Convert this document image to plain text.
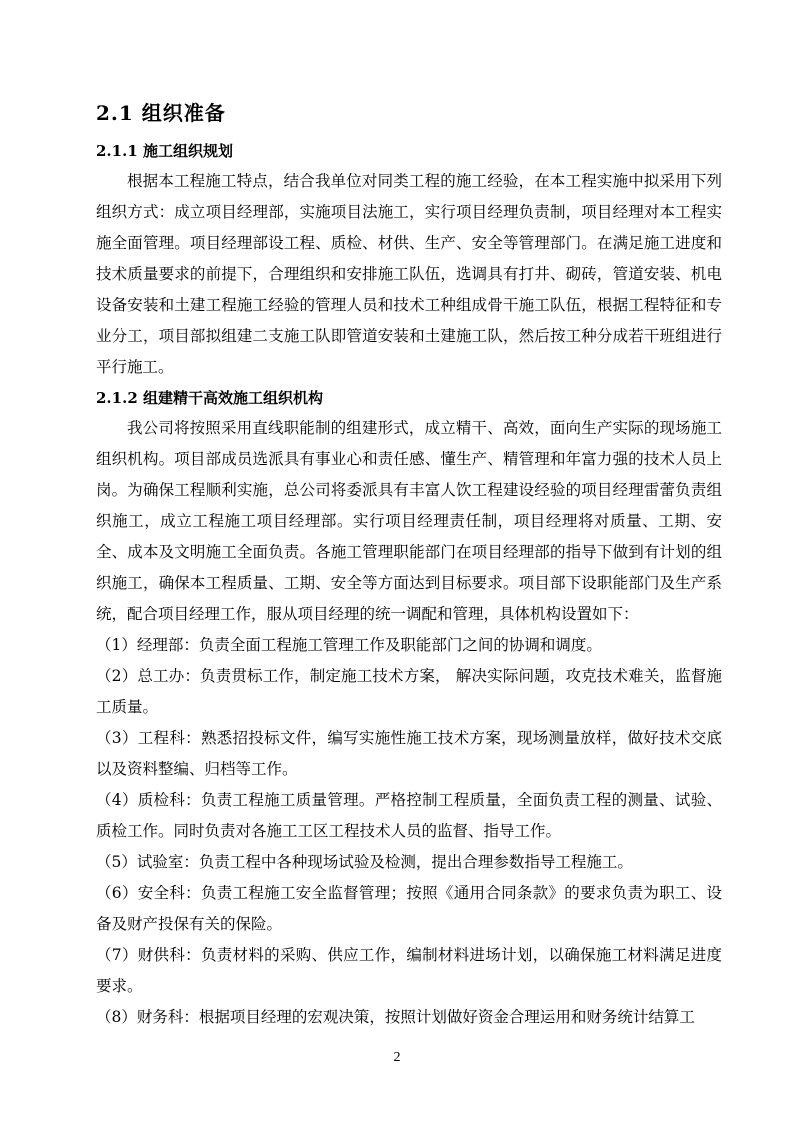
2.1 组织准备
2.1.1 施工组织规划

根据本工程施工特点，结合我单位对同类工程的施工经验，在本工程实施中拟采用下列组织方式：成立项目经理部，实施项目法施工，实行项目经理负责制，项目经理对本工程实施全面管理。项目经理部设工程、质检、材供、生产、安全等管理部门。在满足施工进度和技术质量要求的前提下，合理组织和安排施工队伍，选调具有打井、砌砖，管道安装、机电设备安装和土建工程施工经验的管理人员和技术工种组成骨干施工队伍，根据工程特征和专业分工，项目部拟组建二支施工队即管道安装和土建施工队，然后按工种分成若干班组进行平行施工。

2.1.2 组建精干高效施工组织机构

我公司将按照采用直线职能制的组建形式，成立精干、高效，面向生产实际的现场施工组织机构。项目部成员选派具有事业心和责任感、懂生产、精管理和年富力强的技术人员上岗。为确保工程顺利实施，总公司将委派具有丰富人饮工程建设经验的项目经理雷蕾负责组织施工，成立工程施工项目经理部。实行项目经理责任制，项目经理将对质量、工期、安全、成本及文明施工全面负责。各施工管理职能部门在项目经理部的指导下做到有计划的组织施工，确保本工程质量、工期、安全等方面达到目标要求。项目部下设职能部门及生产系统，配合项目经理工作，服从项目经理的统一调配和管理，具体机构设置如下：

（1）经理部：负责全面工程施工管理工作及职能部门之间的协调和调度。

（2）总工办：负责贯标工作，制定施工技术方案， 解决实际问题，攻克技术难关，监督施工质量。

（3）工程科：熟悉招投标文件，编写实施性施工技术方案，现场测量放样，做好技术交底以及资料整编、归档等工作。

（4）质检科：负责工程施工质量管理。严格控制工程质量，全面负责工程的测量、试验、质检工作。同时负责对各施工工区工程技术人员的监督、指导工作。

（5）试验室：负责工程中各种现场试验及检测，提出合理参数指导工程施工。

（6）安全科：负责工程施工安全监督管理；按照《通用合同条款》的要求负责为职工、设备及财产投保有关的保险。

（7）财供科：负责材料的采购、供应工作，编制材料进场计划，以确保施工材料满足进度要求。

（8）财务科：根据项目经理的宏观决策，按照计划做好资金合理运用和财务统计结算工

2
